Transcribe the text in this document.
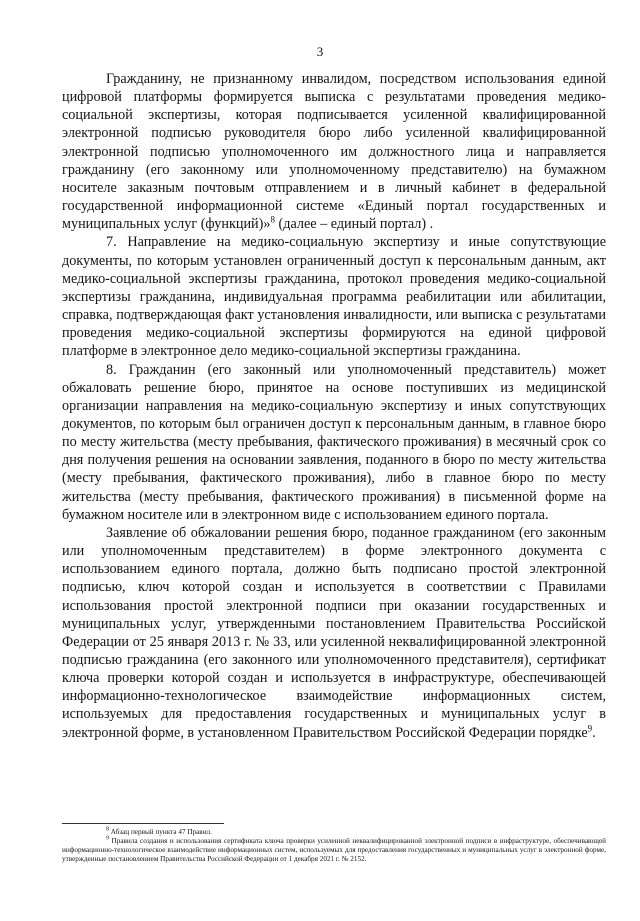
3

Гражданину, не признанному инвалидом, посредством использования единой цифровой платформы формируется выписка с результатами проведения медико-социальной экспертизы, которая подписывается усиленной квалифицированной электронной подписью руководителя бюро либо усиленной квалифицированной электронной подписью уполномоченного им должностного лица и направляется гражданину (его законному или уполномоченному представителю) на бумажном носителе заказным почтовым отправлением и в личный кабинет в федеральной государственной информационной системе «Единый портал государственных и муниципальных услуг (функций)»$^8$ (далее – единый портал) .

7. Направление на медико-социальную экспертизу и иные сопутствующие документы, по которым установлен ограниченный доступ к персональным данным, акт медико-социальной экспертизы гражданина, протокол проведения медико-социальной экспертизы гражданина, индивидуальная программа реабилитации или абилитации, справка, подтверждающая факт установления инвалидности, или выписка с результатами проведения медико-социальной экспертизы формируются на единой цифровой платформе в электронное дело медико-социальной экспертизы гражданина.

8. Гражданин (его законный или уполномоченный представитель) может обжаловать решение бюро, принятое на основе поступивших из медицинской организации направления на медико-социальную экспертизу и иных сопутствующих документов, по которым был ограничен доступ к персональным данным, в главное бюро по месту жительства (месту пребывания, фактического проживания) в месячный срок со дня получения решения на основании заявления, поданного в бюро по месту жительства (месту пребывания, фактического проживания), либо в главное бюро по месту жительства (месту пребывания, фактического проживания) в письменной форме на бумажном носителе или в электронном виде с использованием единого портала.

Заявление об обжаловании решения бюро, поданное гражданином (его законным или уполномоченным представителем) в форме электронного документа с использованием единого портала, должно быть подписано простой электронной подписью, ключ которой создан и используется в соответствии с Правилами использования простой электронной подписи при оказании государственных и муниципальных услуг, утвержденными постановлением Правительства Российской Федерации от 25 января 2013 г. № 33, или усиленной неквалифицированной электронной подписью гражданина (его законного или уполномоченного представителя), сертификат ключа проверки которой создан и используется в инфраструктуре, обеспечивающей информационно-технологическое взаимодействие информационных систем, используемых для предоставления государственных и муниципальных услуг в электронной форме, в установленном Правительством Российской Федерации порядке$^9$.

$^8$ Абзац первый пункта 47 Правил.

$^9$ Правила создания и использования сертификата ключа проверки усиленной неквалифицированной электронной подписи в инфраструктуре, обеспечивающей информационно-технологическое взаимодействие информационных систем, используемых для предоставления государственных и муниципальных услуг в электронной форме, утвержденные постановлением Правительства Российской Федерации от 1 декабря 2021 г. № 2152.
